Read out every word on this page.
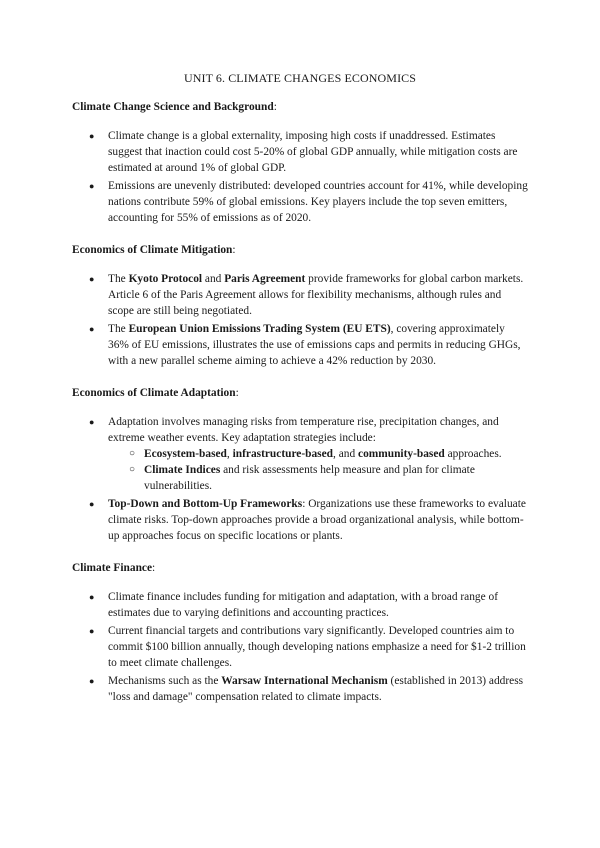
UNIT 6. CLIMATE CHANGES ECONOMICS
Climate Change Science and Background:
● Climate change is a global externality, imposing high costs if unaddressed. Estimates suggest that inaction could cost 5-20% of global GDP annually, while mitigation costs are estimated at around 1% of global GDP.
● Emissions are unevenly distributed: developed countries account for 41%, while developing nations contribute 59% of global emissions. Key players include the top seven emitters, accounting for 55% of emissions as of 2020.
Economics of Climate Mitigation:
● The Kyoto Protocol and Paris Agreement provide frameworks for global carbon markets. Article 6 of the Paris Agreement allows for flexibility mechanisms, although rules and scope are still being negotiated.
● The European Union Emissions Trading System (EU ETS), covering approximately 36% of EU emissions, illustrates the use of emissions caps and permits in reducing GHGs, with a new parallel scheme aiming to achieve a 42% reduction by 2030.
Economics of Climate Adaptation:
● Adaptation involves managing risks from temperature rise, precipitation changes, and extreme weather events. Key adaptation strategies include:
○ Ecosystem-based, infrastructure-based, and community-based approaches.
○ Climate Indices and risk assessments help measure and plan for climate vulnerabilities.
● Top-Down and Bottom-Up Frameworks: Organizations use these frameworks to evaluate climate risks. Top-down approaches provide a broad organizational analysis, while bottom-up approaches focus on specific locations or plants.
Climate Finance:
● Climate finance includes funding for mitigation and adaptation, with a broad range of estimates due to varying definitions and accounting practices.
● Current financial targets and contributions vary significantly. Developed countries aim to commit $100 billion annually, though developing nations emphasize a need for $1-2 trillion to meet climate challenges.
● Mechanisms such as the Warsaw International Mechanism (established in 2013) address "loss and damage" compensation related to climate impacts.
